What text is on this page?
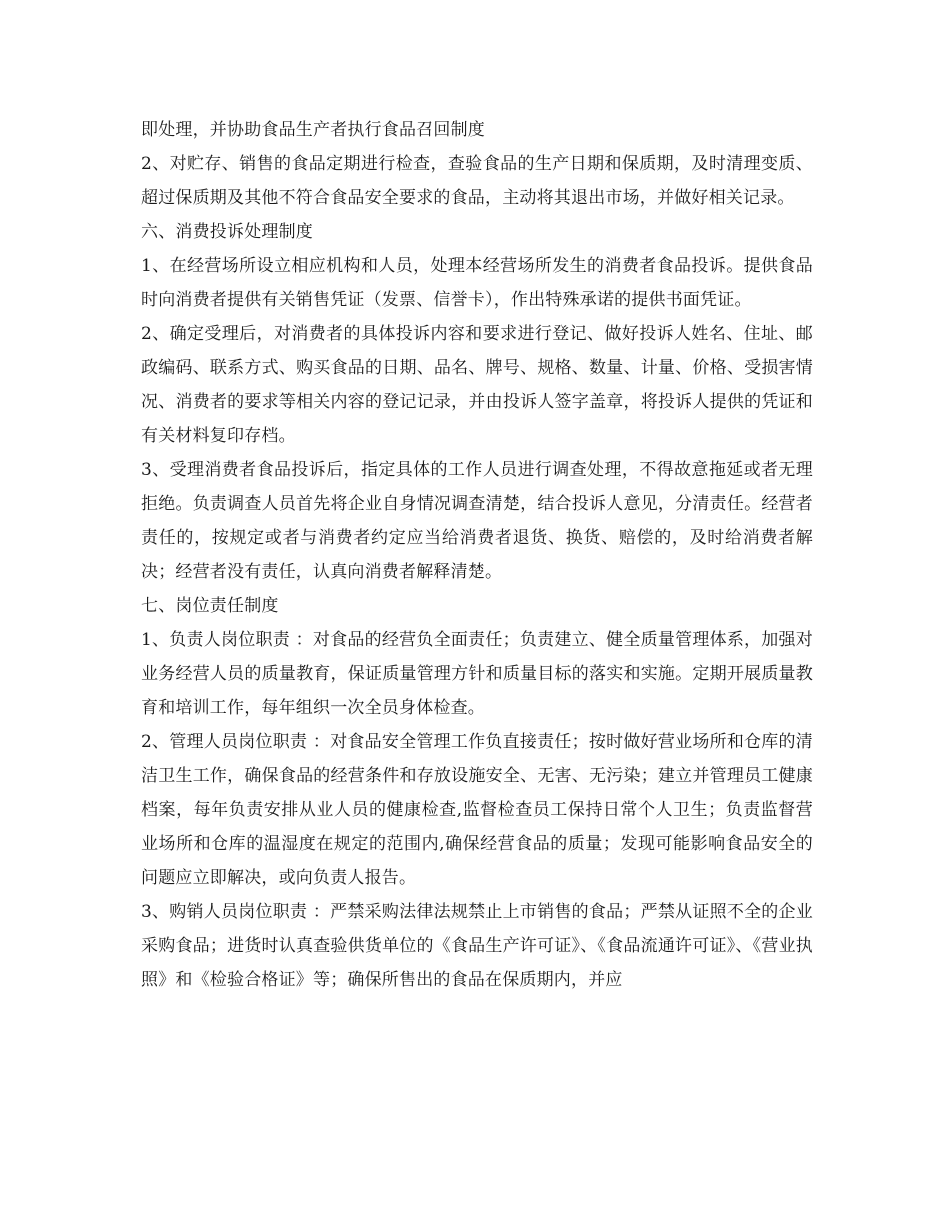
即处理，并协助食品生产者执行食品召回制度

2、对贮存、销售的食品定期进行检查，查验食品的生产日期和保质期，及时清理变质、超过保质期及其他不符合食品安全要求的食品，主动将其退出市场，并做好相关记录。

六、消费投诉处理制度

1、在经营场所设立相应机构和人员，处理本经营场所发生的消费者食品投诉。提供食品时向消费者提供有关销售凭证（发票、信誉卡），作出特殊承诺的提供书面凭证。

2、确定受理后，对消费者的具体投诉内容和要求进行登记、做好投诉人姓名、住址、邮政编码、联系方式、购买食品的日期、品名、牌号、规格、数量、计量、价格、受损害情况、消费者的要求等相关内容的登记记录，并由投诉人签字盖章，将投诉人提供的凭证和有关材料复印存档。

3、受理消费者食品投诉后，指定具体的工作人员进行调查处理，不得故意拖延或者无理拒绝。负责调查人员首先将企业自身情况调查清楚，结合投诉人意见，分清责任。经营者责任的，按规定或者与消费者约定应当给消费者退货、换货、赔偿的，及时给消费者解决；经营者没有责任，认真向消费者解释清楚。

七、岗位责任制度

1、负责人岗位职责 ：对食品的经营负全面责任；负责建立、健全质量管理体系，加强对业务经营人员的质量教育，保证质量管理方针和质量目标的落实和实施。定期开展质量教育和培训工作，每年组织一次全员身体检查。

2、管理人员岗位职责 ：对食品安全管理工作负直接责任；按时做好营业场所和仓库的清洁卫生工作，确保食品的经营条件和存放设施安全、无害、无污染；建立并管理员工健康档案，每年负责安排从业人员的健康检查,监督检查员工保持日常个人卫生；负责监督营业场所和仓库的温湿度在规定的范围内,确保经营食品的质量；发现可能影响食品安全的问题应立即解决，或向负责人报告。

3、购销人员岗位职责 ：严禁采购法律法规禁止上市销售的食品；严禁从证照不全的企业采购食品；进货时认真查验供货单位的《食品生产许可证》、《食品流通许可证》、《营业执照》和《检验合格证》等；确保所售出的食品在保质期内，并应
